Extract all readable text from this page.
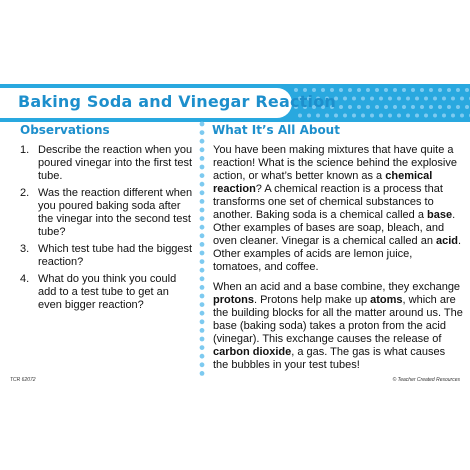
Baking Soda and Vinegar Reaction
Observations	What It’s All About
1. Describe the reaction when you poured vinegar into the first test tube.
2. Was the reaction different when you poured baking soda after the vinegar into the second test tube?
3. Which test tube had the biggest reaction?
4. What do you think you could add to a test tube to get an even bigger reaction?

You have been making mixtures that have quite a reaction! What is the science behind the explosive action, or what’s better known as a chemical reaction? A chemical reaction is a process that transforms one set of chemical substances to another. Baking soda is a chemical called a base. Other examples of bases are soap, bleach, and oven cleaner. Vinegar is a chemical called an acid. Other examples of acids are lemon juice, tomatoes, and coffee.

When an acid and a base combine, they exchange protons. Protons help make up atoms, which are the building blocks for all the matter around us. The base (baking soda) takes a proton from the acid (vinegar). This exchange causes the release of carbon dioxide, a gas. The gas is what causes the bubbles in your test tubes!

TCR 62072	© Teacher Created Resources
